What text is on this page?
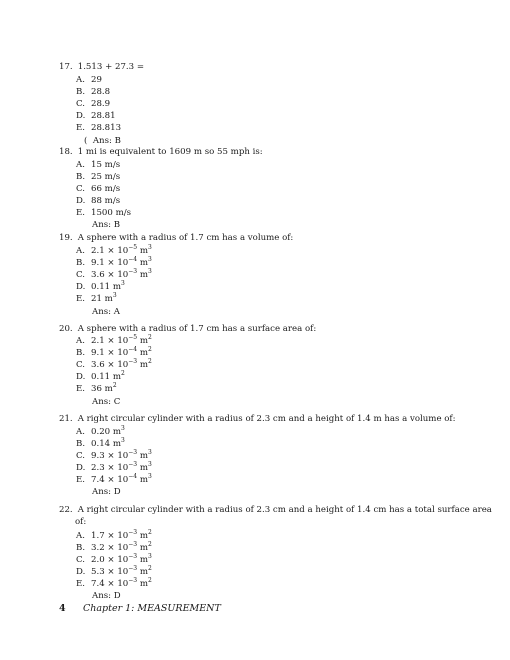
17. 1.513 + 27.3 =
A. 29
B. 28.8
C. 28.9
D. 28.81
E. 28.813
( Ans: B
18. 1 mi is equivalent to 1609 m so 55 mph is:
A. 15 m/s
B. 25 m/s
C. 66 m/s
D. 88 m/s
E. 1500 m/s
Ans: B
19. A sphere with a radius of 1.7 cm has a volume of:
A. $2.1 \times 10^{-5}$ $m^3$
B. $9.1 \times 10^{-4}$ $m^3$
C. $3.6 \times 10^{-3}$ $m^3$
D. 0.11 $m^3$
E. 21 $m^3$
Ans: A
20. A sphere with a radius of 1.7 cm has a surface area of:
A. $2.1 \times 10^{-5}$ $m^2$
B. $9.1 \times 10^{-4}$ $m^2$
C. $3.6 \times 10^{-3}$ $m^2$
D. 0.11 $m^2$
E. 36 $m^2$
Ans: C
21. A right circular cylinder with a radius of 2.3 cm and a height of 1.4 m has a volume of:
A. 0.20 $m^3$
B. 0.14 $m^3$
C. $9.3 \times 10^{-3}$ $m^3$
D. $2.3 \times 10^{-3}$ $m^3$
E. $7.4 \times 10^{-4}$ $m^3$
Ans: D
22. A right circular cylinder with a radius of 2.3 cm and a height of 1.4 cm has a total surface area
of:
A. $1.7 \times 10^{-3}$ $m^2$
B. $3.2 \times 10^{-3}$ $m^2$
C. $2.0 \times 10^{-3}$ $m^3$
D. $5.3 \times 10^{-3}$ $m^2$
E. $7.4 \times 10^{-3}$ $m^2$
Ans: D
4 Chapter 1: MEASUREMENT
